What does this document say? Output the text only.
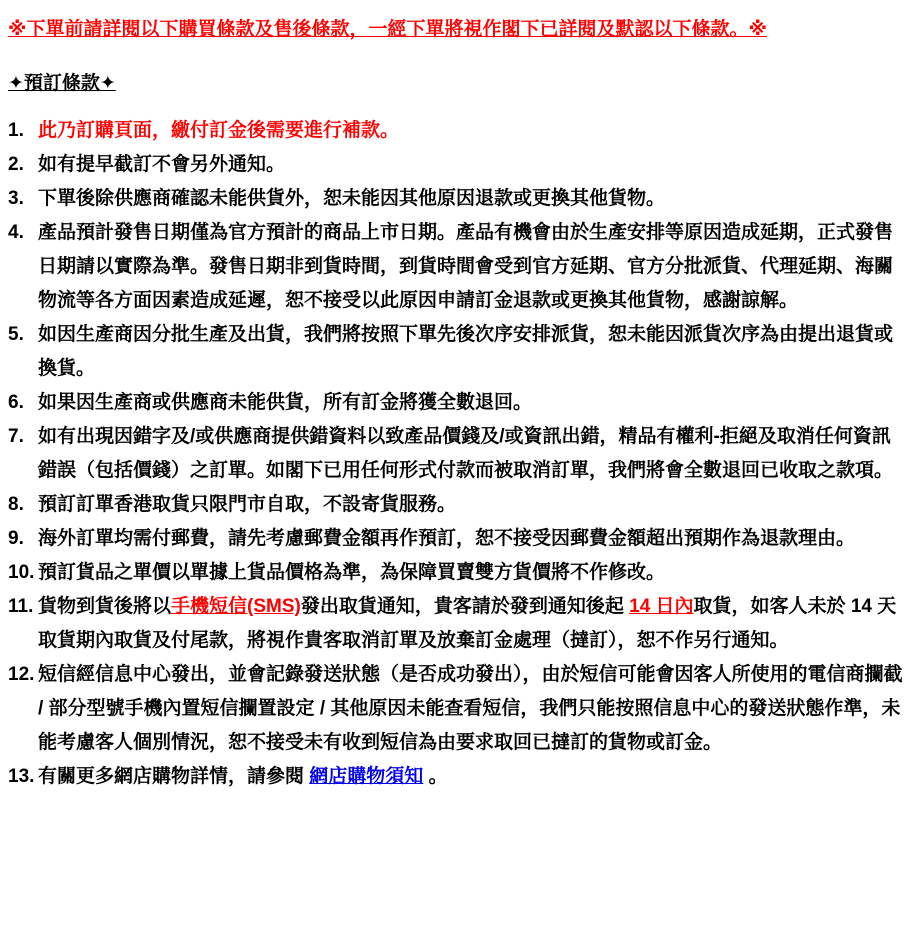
※下單前請詳閱以下購買條款及售後條款，一經下單將視作閣下已詳閱及默認以下條款。※

✦預訂條款✦

1. 此乃訂購頁面，繳付訂金後需要進行補款。
2. 如有提早截訂不會另外通知。
3. 下單後除供應商確認未能供貨外，恕未能因其他原因退款或更換其他貨物。
4. 產品預計發售日期僅為官方預計的商品上市日期。產品有機會由於生產安排等原因造成延期，正式發售日期請以實際為準。發售日期非到貨時間，到貨時間會受到官方延期、官方分批派貨、代理延期、海關物流等各方面因素造成延遲，恕不接受以此原因申請訂金退款或更換其他貨物，感謝諒解。
5. 如因生產商因分批生產及出貨，我們將按照下單先後次序安排派貨，恕未能因派貨次序為由提出退貨或換貨。
6. 如果因生產商或供應商未能供貨，所有訂金將獲全數退回。
7. 如有出現因錯字及/或供應商提供錯資料以致產品價錢及/或資訊出錯，精品有權利-拒絕及取消任何資訊錯誤（包括價錢）之訂單。如閣下已用任何形式付款而被取消訂單，我們將會全數退回已收取之款項。
8. 預訂訂單香港取貨只限門市自取，不設寄貨服務。
9. 海外訂單均需付郵費，請先考慮郵費金額再作預訂，恕不接受因郵費金額超出預期作為退款理由。
10. 預訂貨品之單價以單據上貨品價格為準，為保障買賣雙方貨價將不作修改。
11. 貨物到貨後將以手機短信(SMS)發出取貨通知，貴客請於發到通知後起 14 日內取貨，如客人未於 14 天取貨期內取貨及付尾款，將視作貴客取消訂單及放棄訂金處理（撻訂），恕不作另行通知。
12. 短信經信息中心發出，並會記錄發送狀態（是否成功發出），由於短信可能會因客人所使用的電信商攔截 / 部分型號手機內置短信攔置設定 / 其他原因未能查看短信，我們只能按照信息中心的發送狀態作準，未能考慮客人個別情況，恕不接受未有收到短信為由要求取回已撻訂的貨物或訂金。
13. 有關更多網店購物詳情，請參閱 網店購物須知 。
